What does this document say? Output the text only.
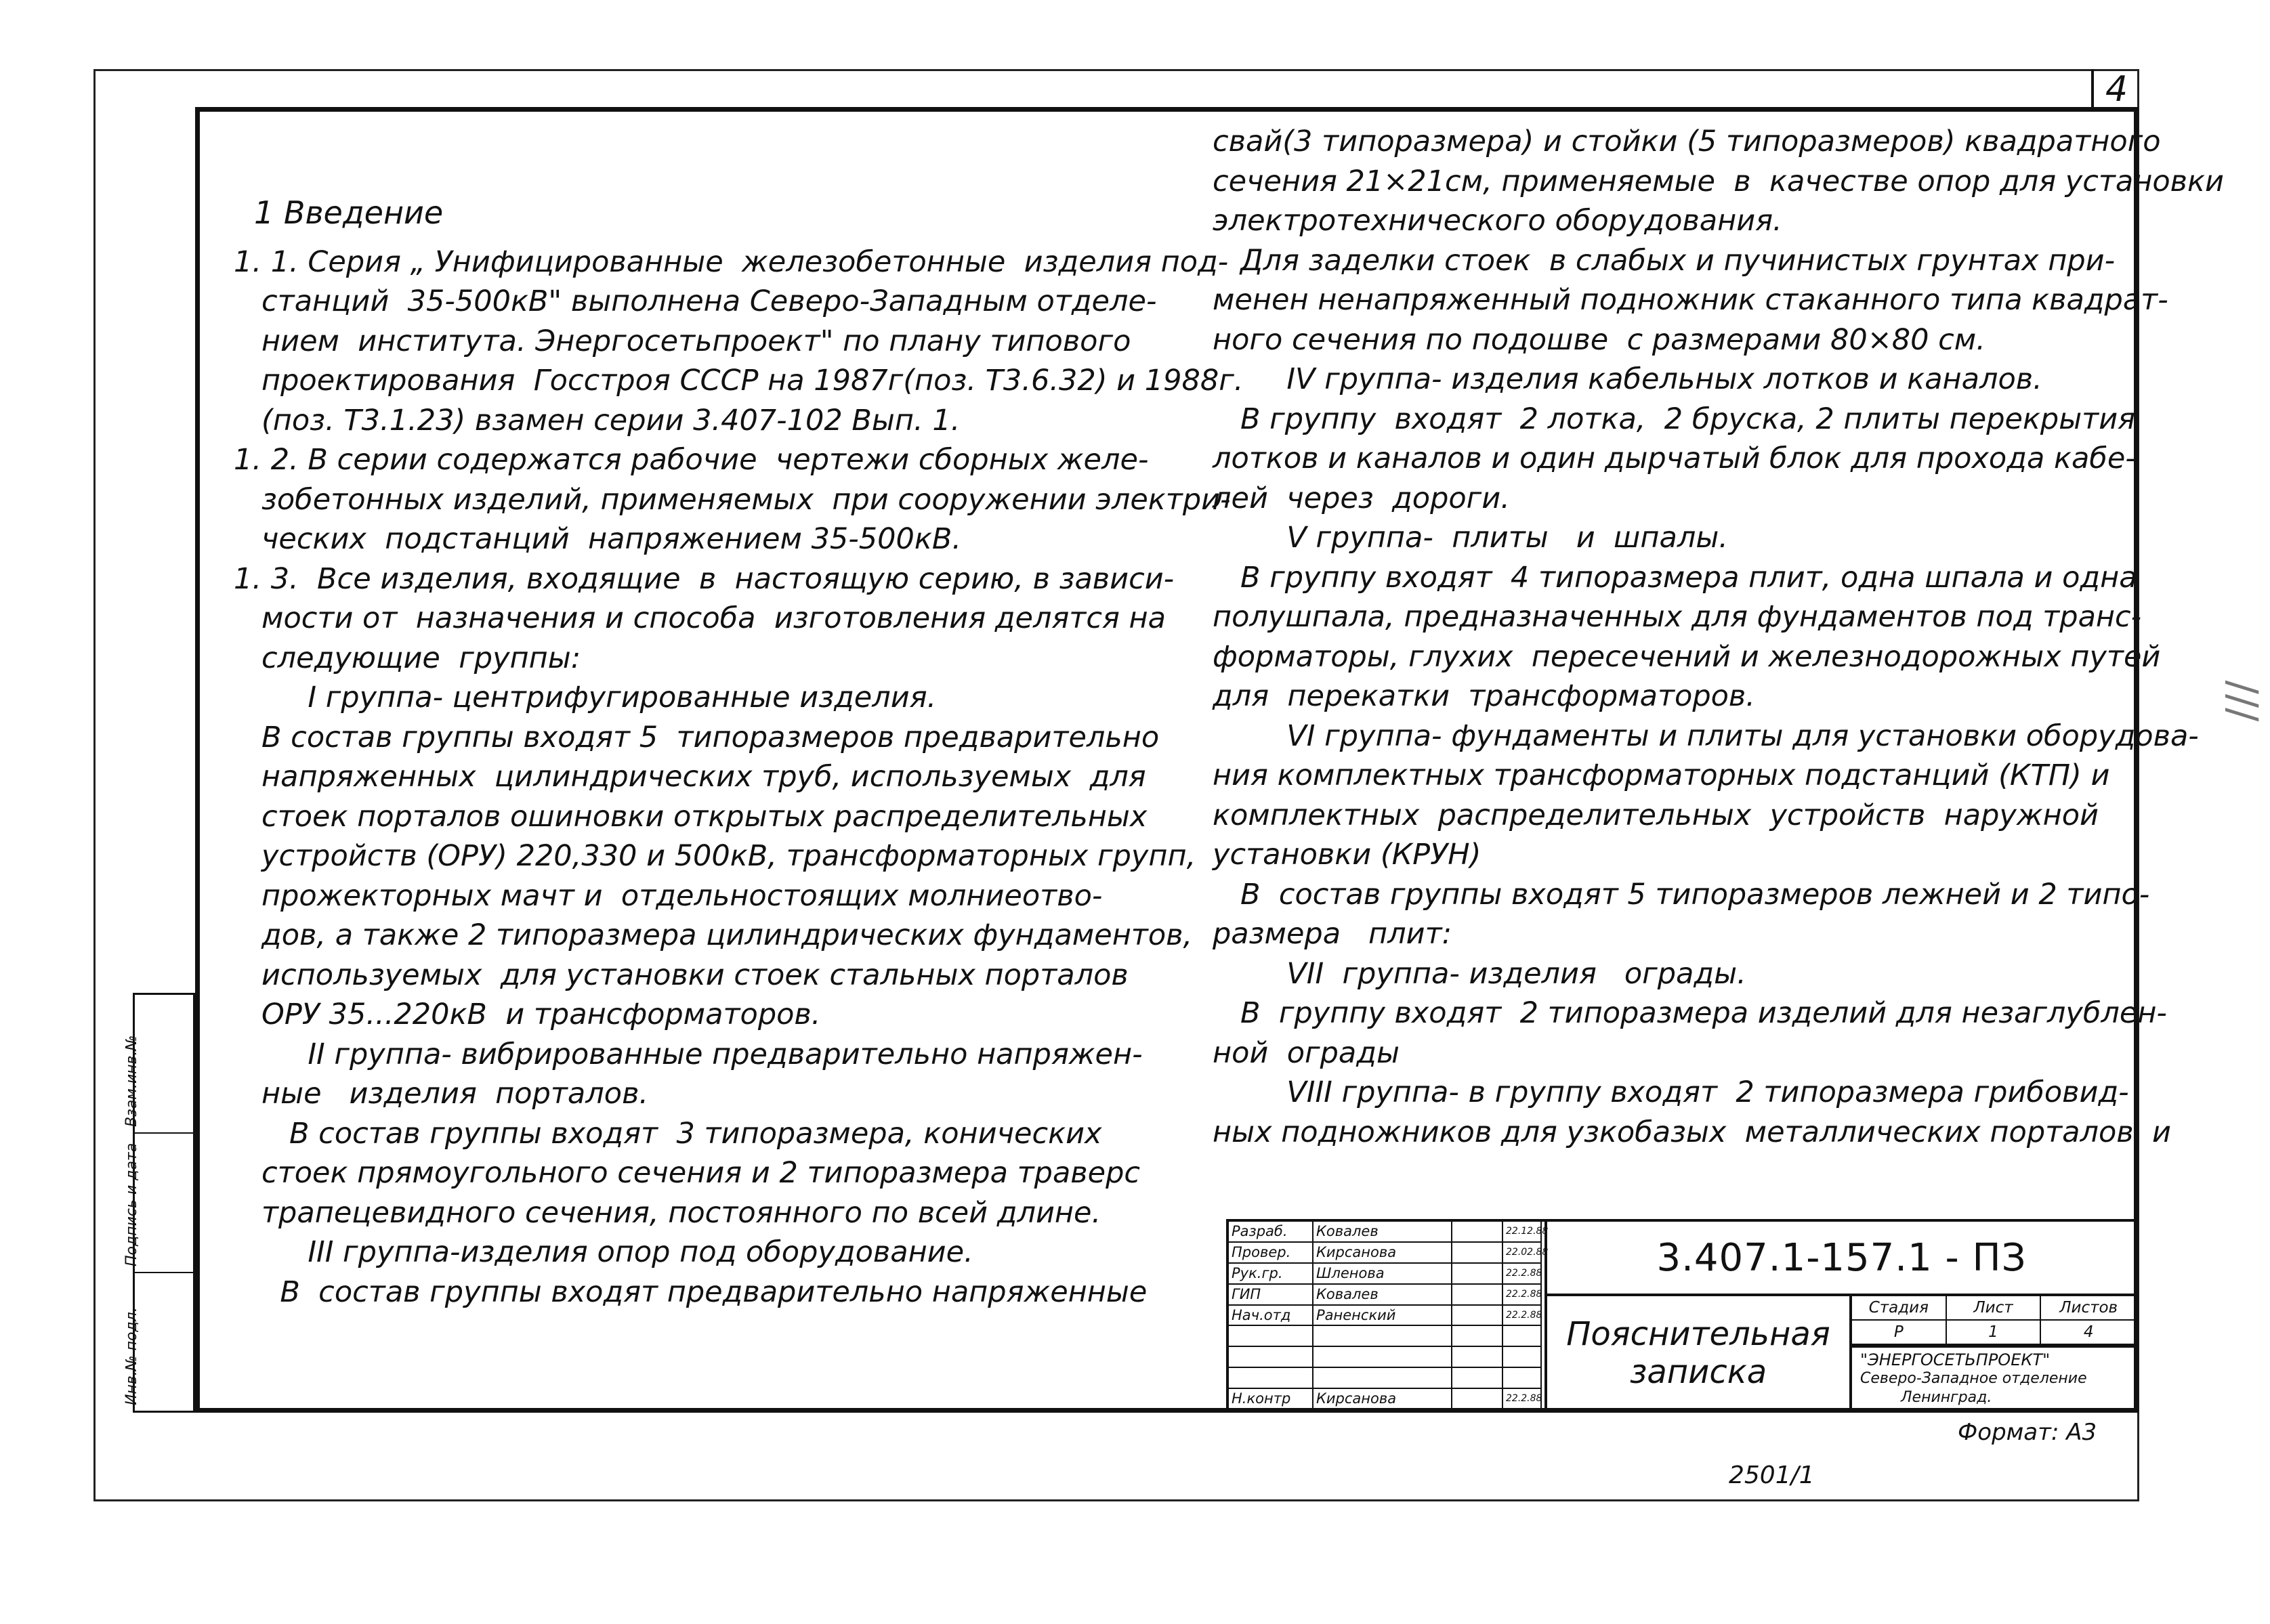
4
Взам.инв.№
Подпись и дата
Инв.№ подл.

1 Введение

1. 1. Серия „ Унифицированные  железобетонные  изделия под-

станций  35-500кВ" выполнена Северо-Западным отделе-

нием  института. Энергосетьпроект" по плану типового

проектирования  Госстроя СССР на 1987г(поз. Т3.6.32) и 1988г.

(поз. Т3.1.23) взамен серии 3.407-102 Вып. 1.

1. 2. В серии содержатся рабочие  чертежи сборных желе-

зобетонных изделий, применяемых  при сооружении электри-

ческих  подстанций  напряжением 35-500кВ.

1. 3.  Все изделия, входящие  в  настоящую серию, в зависи-

мости от  назначения и способа  изготовления делятся на

следующие  группы:

I группа- центрифугированные изделия.

В состав группы входят 5  типоразмеров предварительно

напряженных  цилиндрических труб, используемых  для

стоек порталов ошиновки открытых распределительных

устройств (ОРУ) 220,330 и 500кВ, трансформаторных групп,

прожекторных мачт и  отдельностоящих молниеотво-

дов, а также 2 типоразмера цилиндрических фундаментов,

используемых  для установки стоек стальных порталов

ОРУ 35...220кВ  и трансформаторов.

II группа- вибрированные предварительно напряжен-

ные   изделия  порталов.

В состав группы входят  3 типоразмера, конических

стоек прямоугольного сечения и 2 типоразмера траверс

трапецевидного сечения, постоянного по всей длине.

III группа-изделия опор под оборудование.

В  состав группы входят предварительно напряженные

свай(3 типоразмера) и стойки (5 типоразмеров) квадратного

сечения 21×21см, применяемые  в  качестве опор для установки

электротехнического оборудования.

Для заделки стоек  в слабых и пучинистых грунтах при-

менен ненапряженный подножник стаканного типа квадрат-

ного сечения по подошве  с размерами 80×80 см.

IV группа- изделия кабельных лотков и каналов.

В группу  входят  2 лотка,  2 бруска, 2 плиты перекрытия

лотков и каналов и один дырчатый блок для прохода кабе-

лей  через  дороги.

V группа-  плиты   и  шпалы.

В группу входят  4 типоразмера плит, одна шпала и одна

полушпала, предназначенных для фундаментов под транс-

форматоры, глухих  пересечений и железнодорожных путей

для  перекатки  трансформаторов.

VI группа- фундаменты и плиты для установки оборудова-

ния комплектных трансформаторных подстанций (КТП) и

комплектных  распределительных  устройств  наружной

установки (КРУН)

В  состав группы входят 5 типоразмеров лежней и 2 типо-

размера   плит:

VII  группа- изделия   ограды.

В  группу входят  2 типоразмера изделий для незаглублен-

ной  ограды

VIII группа- в группу входят  2 типоразмера грибовид-

ных подножников для узкобазых  металлических порталов  и

Разраб.	Ковалев	22.12.88
Провер.	Кирсанова	22.02.88
Рук.гр.	Шленова	22.2.88
ГИП	Ковалев	22.2.88
Нач.отд	Раненский	22.2.88
Н.контр	Кирсанова	22.2.88
3.407.1-157.1 - ПЗ
Пояснительная
записка
Стадия	Лист	Листов
Р	1	4
"ЭНЕРГОСЕТЬПРОЕКТ"
Северо-Западное отделение
Ленинград.
Формат: А3
2501/1
///
